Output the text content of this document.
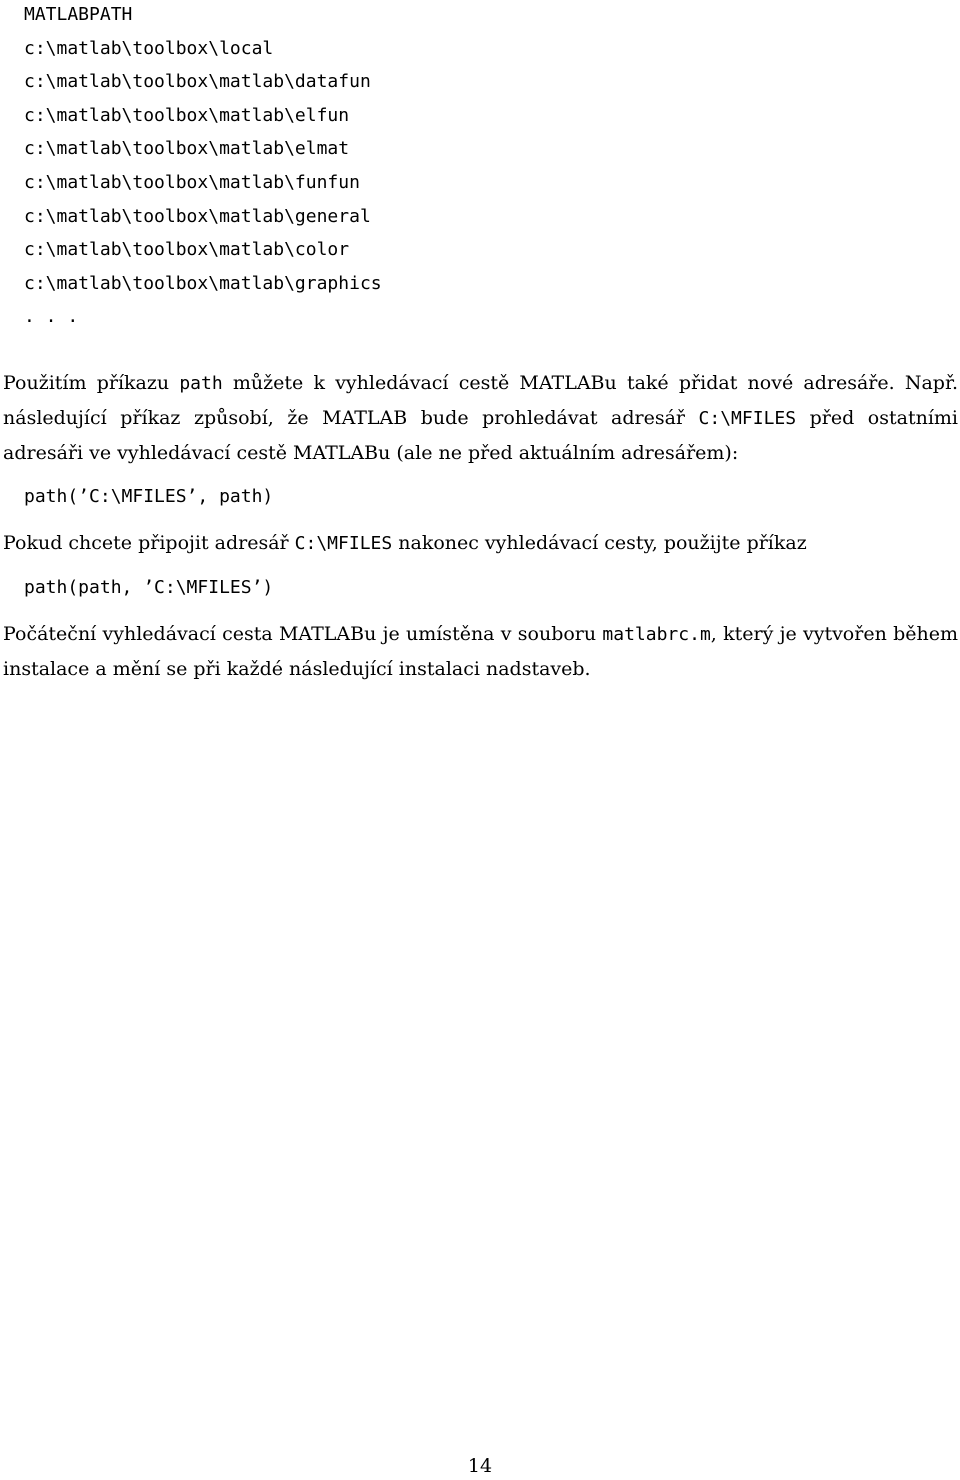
MATLABPATH
c:\matlab\toolbox\local
c:\matlab\toolbox\matlab\datafun
c:\matlab\toolbox\matlab\elfun
c:\matlab\toolbox\matlab\elmat
c:\matlab\toolbox\matlab\funfun
c:\matlab\toolbox\matlab\general
c:\matlab\toolbox\matlab\color
c:\matlab\toolbox\matlab\graphics
. . .

Použitím příkazu path můžete k vyhledávací cestě MATLABu také přidat nové adresáře. Např. následující příkaz způsobí, že MATLAB bude prohledávat adresář C:\MFILES před ostatními adresáři ve vyhledávací cestě MATLABu (ale ne před aktuálním adresářem):

path(’C:\MFILES’, path)

Pokud chcete připojit adresář C:\MFILES nakonec vyhledávací cesty, použijte příkaz

path(path, ’C:\MFILES’)

Počáteční vyhledávací cesta MATLABu je umístěna v souboru matlabrc.m, který je vytvořen během instalace a mění se při každé následující instalaci nadstaveb.

14
